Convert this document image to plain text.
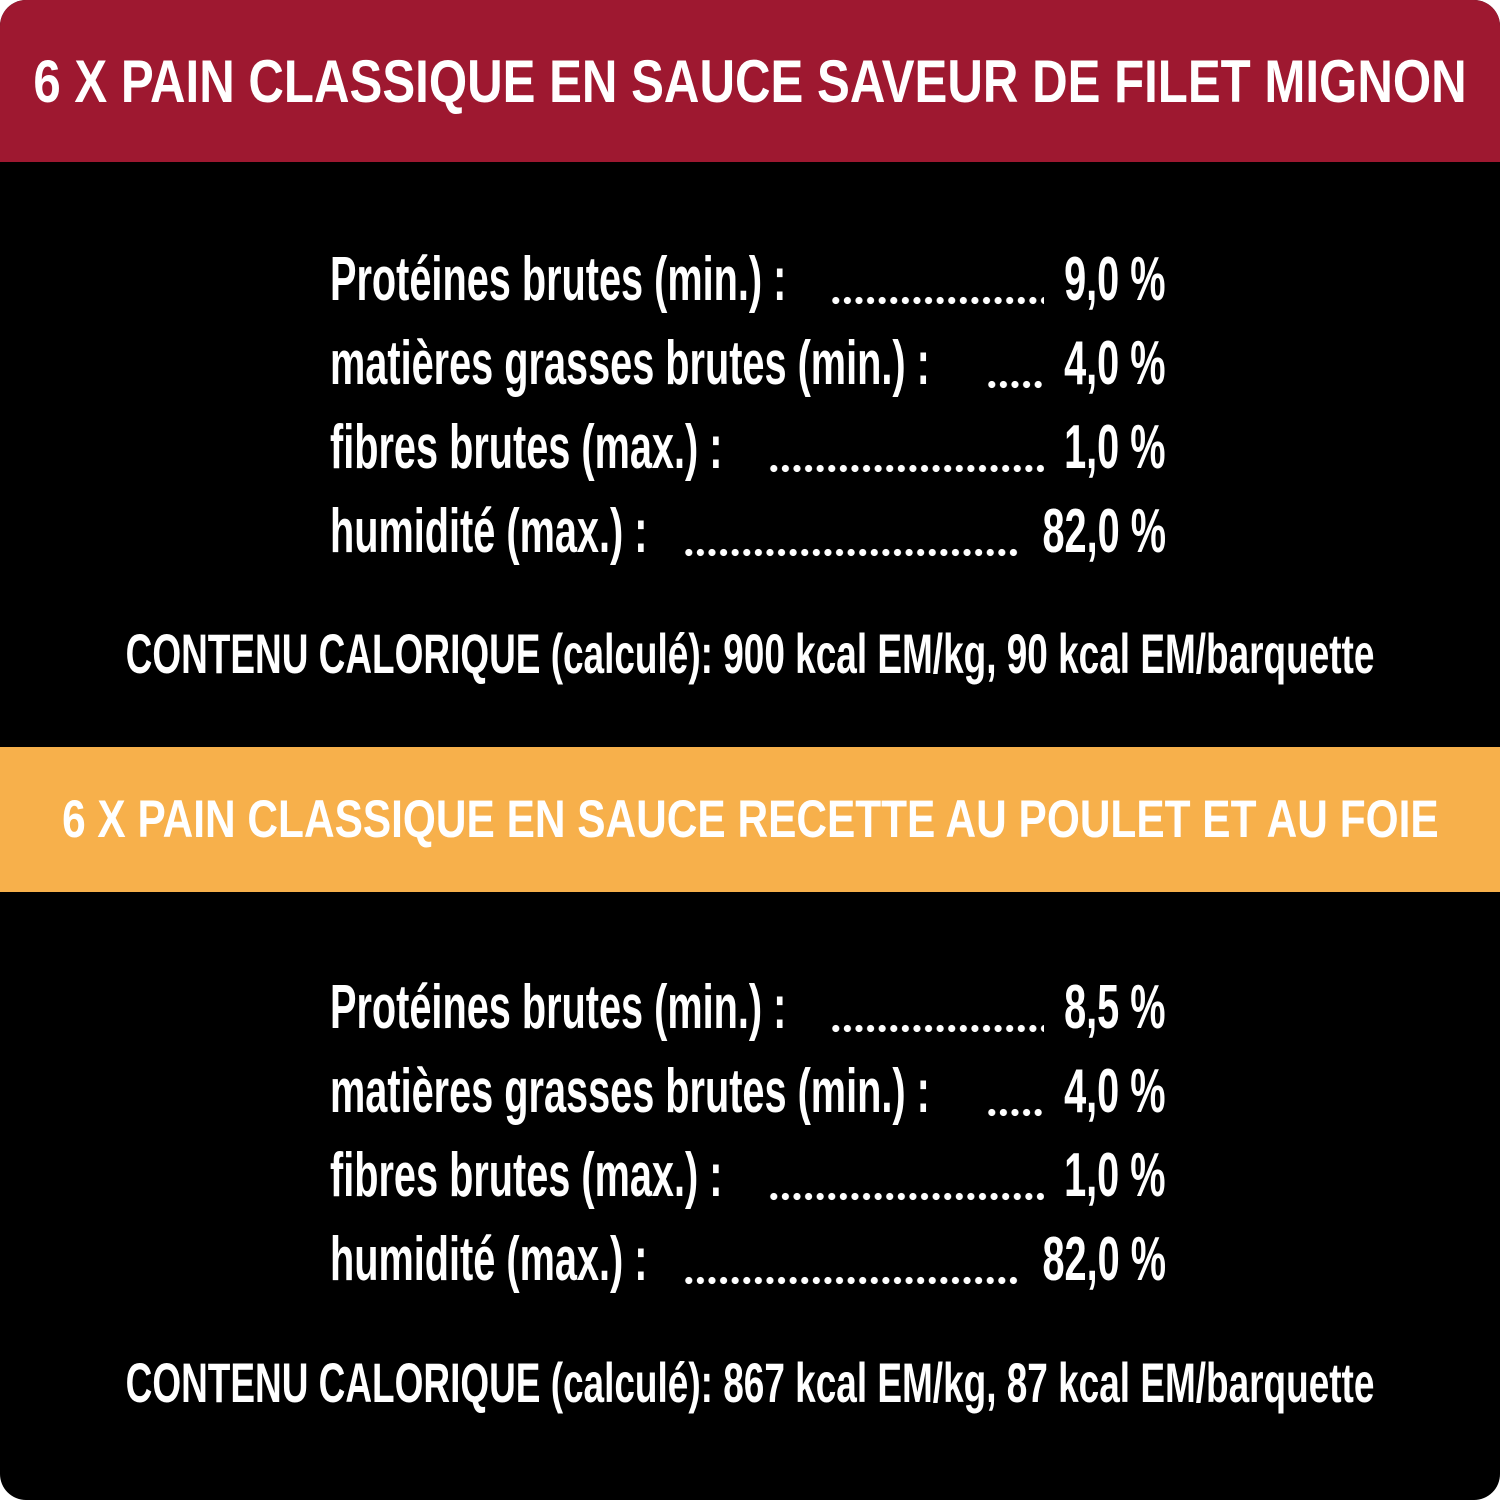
6 X PAIN CLASSIQUE EN SAUCE SAVEUR DE FILET MIGNON
Protéines brutes (min.) :	9,0 %
matières grasses brutes (min.) : 4,0 %
fibres brutes (max.) :	1,0 %
humidité (max.) :	82,0 %
CONTENU CALORIQUE (calculé): 900 kcal EM/kg, 90 kcal EM/barquette
6 X PAIN CLASSIQUE EN SAUCE RECETTE AU POULET ET AU FOIE
Protéines brutes (min.) :	8,5 %
matières grasses brutes (min.) : 4,0 %
fibres brutes (max.) :	1,0 %
humidité (max.) :	82,0 %
CONTENU CALORIQUE (calculé): 867 kcal EM/kg, 87 kcal EM/barquette
